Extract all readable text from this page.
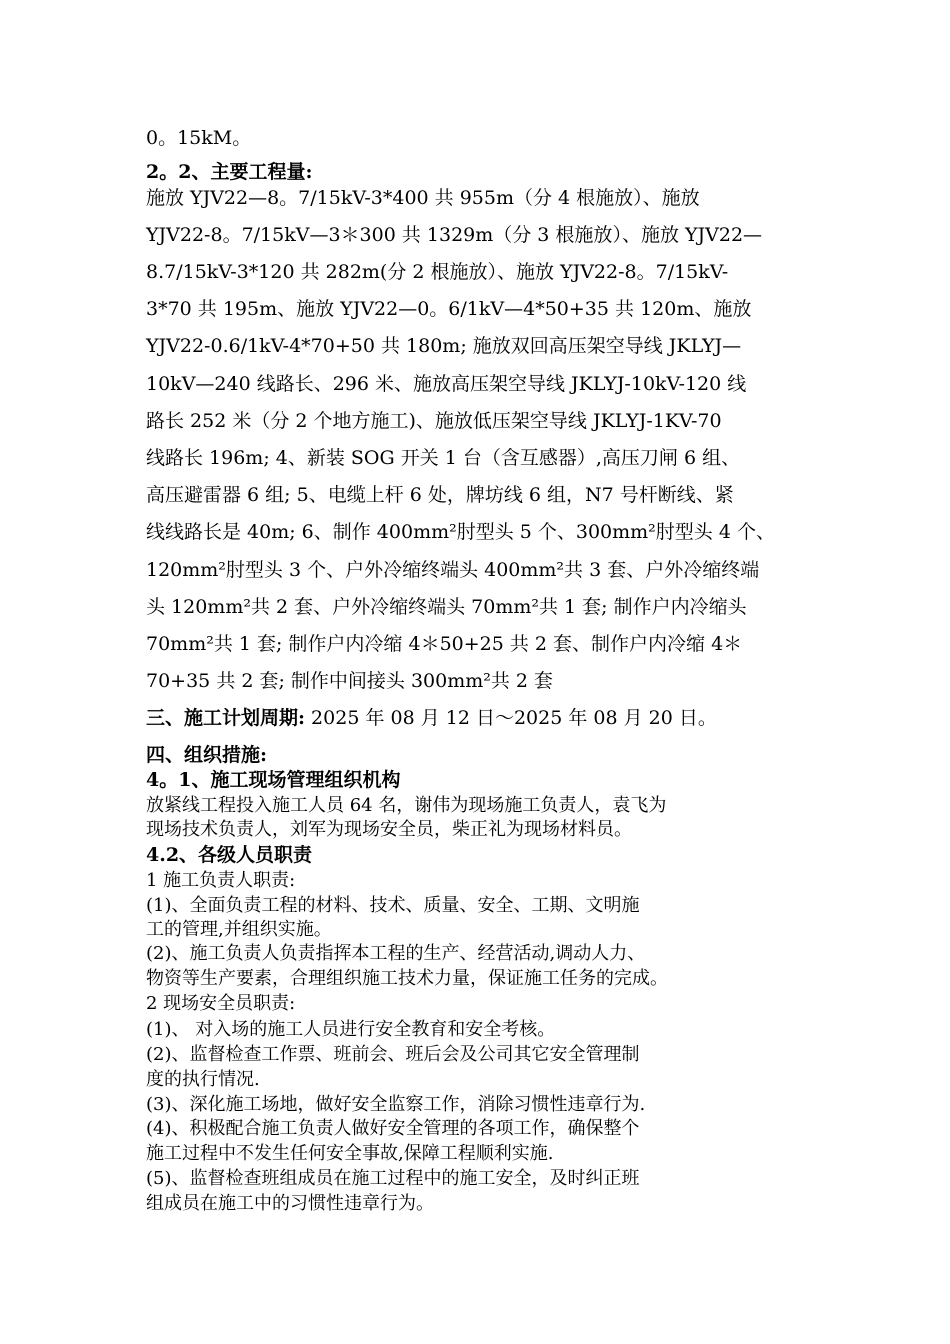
0。15kM。
2。2、主要工程量:
施放 YJV22—8。7/15kV-3*400 共 955m（分 4 根施放）、施放
YJV22-8。7/15kV—3＊300 共 1329m（分 3 根施放）、施放 YJV22—
8.7/15kV-3*120 共 282m(分 2 根施放）、施放 YJV22-8。7/15kV-
3*70 共 195m、施放 YJV22—0。6/1kV—4*50+35 共 120m、施放
YJV22-0.6/1kV-4*70+50 共 180m; 施放双回高压架空导线 JKLYJ—
10kV—240 线路长、296 米、施放高压架空导线 JKLYJ-10kV-120 线
路长 252 米（分 2 个地方施工)、施放低压架空导线 JKLYJ-1KV-70
线路长 196m; 4、新装 SOG 开关 1 台（含互感器）,高压刀闸 6 组、
高压避雷器 6 组; 5、电缆上杆 6 处，牌坊线 6 组，N7 号杆断线、紧
线线路长是 40m; 6、制作 400mm²肘型头 5 个、300mm²肘型头 4 个、
120mm²肘型头 3 个、户外冷缩终端头 400mm²共 3 套、户外冷缩终端
头 120mm²共 2 套、户外冷缩终端头 70mm²共 1 套; 制作户内冷缩头
70mm²共 1 套; 制作户内冷缩 4＊50+25 共 2 套、制作户内冷缩 4＊
70+35 共 2 套; 制作中间接头 300mm²共 2 套
三、施工计划周期: 2025 年 08 月 12 日～2025 年 08 月 20 日。
四、组织措施:
4。1、施工现场管理组织机构
放紧线工程投入施工人员 64 名，谢伟为现场施工负责人，袁飞为
现场技术负责人，刘军为现场安全员，柴正礼为现场材料员。
4.2、各级人员职责
1 施工负责人职责:
(1)、全面负责工程的材料、技术、质量、安全、工期、文明施
工的管理,并组织实施。
(2)、施工负责人负责指挥本工程的生产、经营活动,调动人力、
物资等生产要素，合理组织施工技术力量，保证施工任务的完成。
2 现场安全员职责:
(1)、 对入场的施工人员进行安全教育和安全考核。
(2)、监督检查工作票、班前会、班后会及公司其它安全管理制
度的执行情况.
(3)、深化施工场地，做好安全监察工作，消除习惯性违章行为.
(4)、积极配合施工负责人做好安全管理的各项工作，确保整个
施工过程中不发生任何安全事故,保障工程顺利实施.
(5)、监督检查班组成员在施工过程中的施工安全，及时纠正班
组成员在施工中的习惯性违章行为。
